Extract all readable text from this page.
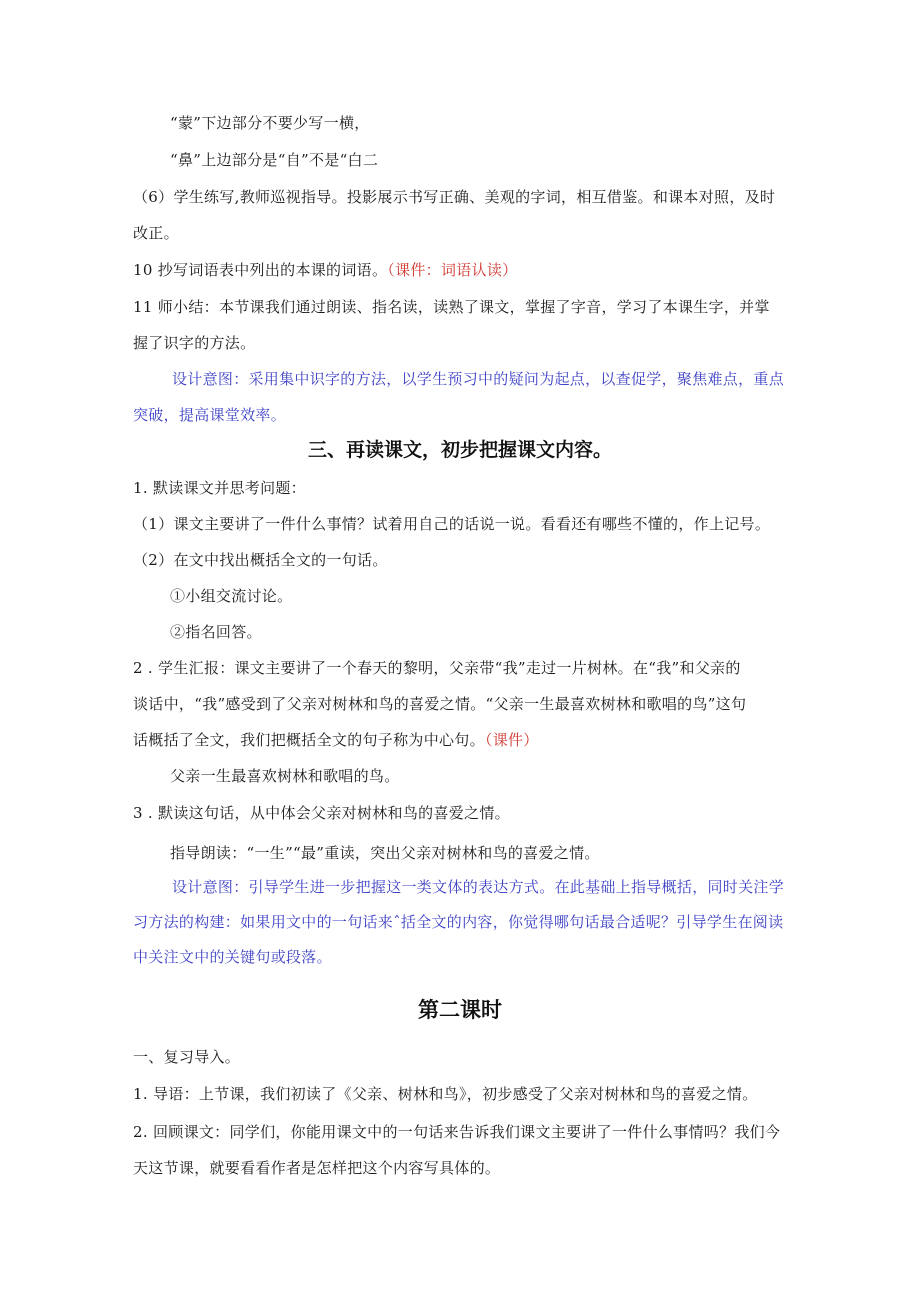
“蒙”下边部分不要少写一横，
“鼻”上边部分是“自”不是“白二
（6）学生练写,教师巡视指导。投影展示书写正确、美观的字词，相互借鉴。和课本对照，及时
改正。
10 抄写词语表中列出的本课的词语。（课件：词语认读）
11 师小结：本节课我们通过朗读、指名读，读熟了课文，掌握了字音，学习了本课生字，并掌
握了识字的方法。
设计意图：采用集中识字的方法，以学生预习中的疑问为起点，以查促学，聚焦难点，重点
突破，提高课堂效率。
三、再读课文，初步把握课文内容。
1. 默读课文并思考问题：
（1）课文主要讲了一件什么事情？试着用自己的话说一说。看看还有哪些不懂的，作上记号。
（2）在文中找出概括全文的一句话。
①小组交流讨论。
②指名回答。
2 . 学生汇报：课文主要讲了一个春天的黎明，父亲带“我”走过一片树林。在“我”和父亲的
谈话中，“我”感受到了父亲对树林和鸟的喜爱之情。“父亲一生最喜欢树林和歌唱的鸟”这句
话概括了全文，我们把概括全文的句子称为中心句。（课件）
父亲一生最喜欢树林和歌唱的鸟。
3 . 默读这句话，从中体会父亲对树林和鸟的喜爱之情。
指导朗读：“一生”“最”重读，突出父亲对树林和鸟的喜爱之情。
设计意图：引导学生进一步把握这一类文体的表达方式。在此基础上指导概括，同时关注学
习方法的构建：如果用文中的一句话来ˆ括全文的内容，你觉得哪句话最合适呢？引导学生在阅读
中关注文中的关键句或段落。
第二课时
一、复习导入。
1. 导语：上节课，我们初读了《父亲、树林和鸟》，初步感受了父亲对树林和鸟的喜爱之情。
2. 回顾课文：同学们，你能用课文中的一句话来告诉我们课文主要讲了一件什么事情吗？我们今
天这节课，就要看看作者是怎样把这个内容写具体的。
